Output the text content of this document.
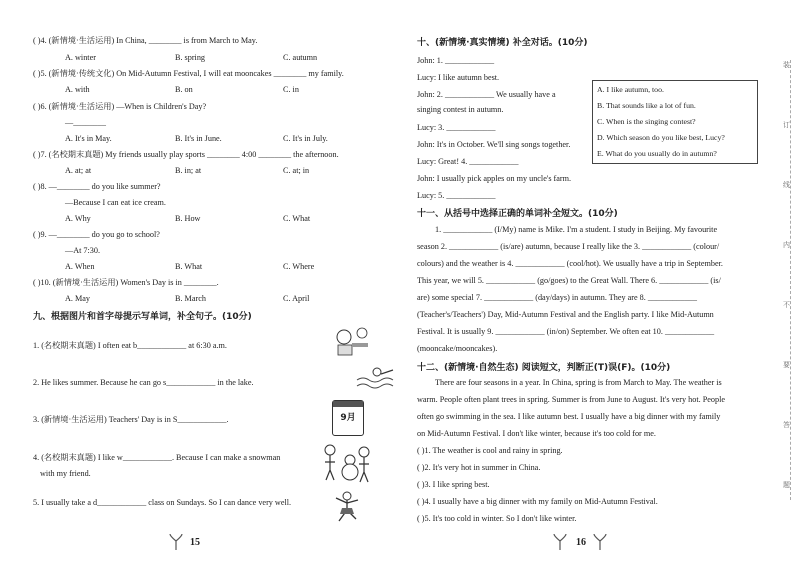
( )4. (新情境·生活运用) In China, ________ is from March to May.
A. winter	B. spring	C. autumn
( )5. (新情境·传统文化) On Mid-Autumn Festival, I will eat mooncakes ________ my family.
A. with	B. on	C. in
( )6. (新情境·生活运用) —When is Children's Day?
—________
A. It's in May.	B. It's in June.	C. It's in July.
( )7. (名校期末真题) My friends usually play sports ________ 4:00 ________ the afternoon.
A. at; at	B. in; at	C. at; in
( )8. —________ do you like summer?
—Because I can eat ice cream.
A. Why	B. How	C. What
( )9. —________ do you go to school?
—At 7:30.
A. When	B. What	C. Where
( )10. (新情境·生活运用) Women's Day is in ________.
A. May	B. March	C. April
九、根据图片和首字母提示写单词，补全句子。(10分)
1. (名校期末真题) I often eat b____________ at 6:30 a.m.
2. He likes summer. Because he can go s____________ in the lake.
3. (新情境·生活运用) Teachers' Day is in S____________.
4. (名校期末真题) I like w____________. Because I can make a snowman
with my friend.
5. I usually take a d____________ class on Sundays. So I can dance very well.
9月
15
十、(新情境·真实情境) 补全对话。(10分)
John: 1. ____________
Lucy: I like autumn best.
John: 2. ____________ We usually have a
singing contest in autumn.
Lucy: 3. ____________
John: It's in October. We'll sing songs together.
Lucy: Great! 4. ____________
John: I usually pick apples on my uncle's farm.
Lucy: 5. ____________
十一、从括号中选择正确的单词补全短文。(10分)
1. ____________ (I/My) name is Mike. I'm a student. I study in Beijing. My favourite
season 2. ____________ (is/are) autumn, because I really like the 3. ____________ (colour/
colours) and the weather is 4. ____________ (cool/hot). We usually have a trip in September.
This year, we will 5. ____________ (go/goes) to the Great Wall. There 6. ____________ (is/
are) some special 7. ____________ (day/days) in autumn. They are 8. ____________
(Teacher's/Teachers') Day, Mid-Autumn Festival and the English party. I like Mid-Autumn
Festival. It is usually 9. ____________ (in/on) September. We often eat 10. ____________
(mooncake/mooncakes).
十二、(新情境·自然生态) 阅读短文，判断正(T)误(F)。(10分)
There are four seasons in a year. In China, spring is from March to May. The weather is
warm. People often plant trees in spring. Summer is from June to August. It's very hot. People
often go swimming in the sea. I like autumn best. I usually have a big dinner with my family
on Mid-Autumn Festival. I don't like winter, because it's too cold for me.
( )1. The weather is cool and rainy in spring.
( )2. It's very hot in summer in China.
( )3. I like spring best.
( )4. I usually have a big dinner with my family on Mid-Autumn Festival.
( )5. It's too cold in winter. So I don't like winter.
16
A. I like autumn, too.
B. That sounds like a lot of fun.
C. When is the singing contest?
D. Which season do you like best, Lucy?
E. What do you usually do in autumn?
装
订
线
内
不
要
答
题
